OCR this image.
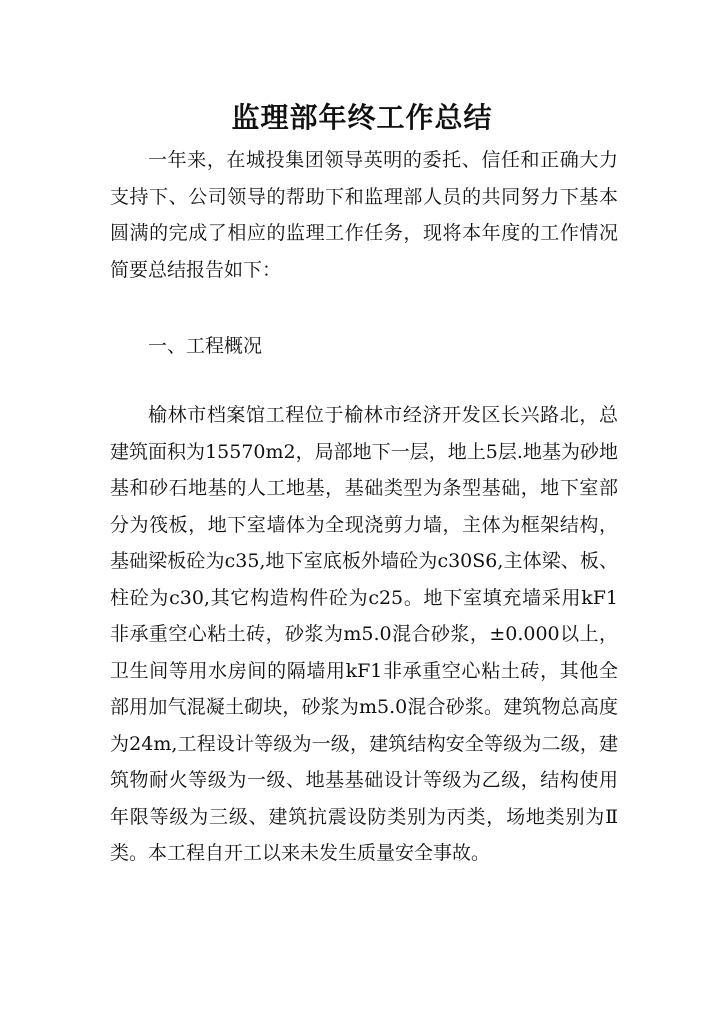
监理部年终工作总结

一年来，在城投集团领导英明的委托、信任和正确大力支持下、公司领导的帮助下和监理部人员的共同努力下基本圆满的完成了相应的监理工作任务，现将本年度的工作情况简要总结报告如下：

一、工程概况

榆林市档案馆工程位于榆林市经济开发区长兴路北，总建筑面积为15570m2，局部地下一层，地上5层.地基为砂地基和砂石地基的人工地基，基础类型为条型基础，地下室部分为筏板，地下室墙体为全现浇剪力墙，主体为框架结构，基础梁板砼为c35,地下室底板外墙砼为c30S6,主体梁、板、柱砼为c30,其它构造构件砼为c25。地下室填充墙采用kF1非承重空心粘土砖，砂浆为m5.0混合砂浆，±0.000以上，卫生间等用水房间的隔墙用kF1非承重空心粘土砖，其他全部用加气混凝土砌块，砂浆为m5.0混合砂浆。建筑物总高度为24m,工程设计等级为一级，建筑结构安全等级为二级，建筑物耐火等级为一级、地基基础设计等级为乙级，结构使用年限等级为三级、建筑抗震设防类别为丙类，场地类别为Ⅱ类。本工程自开工以来未发生质量安全事故。
